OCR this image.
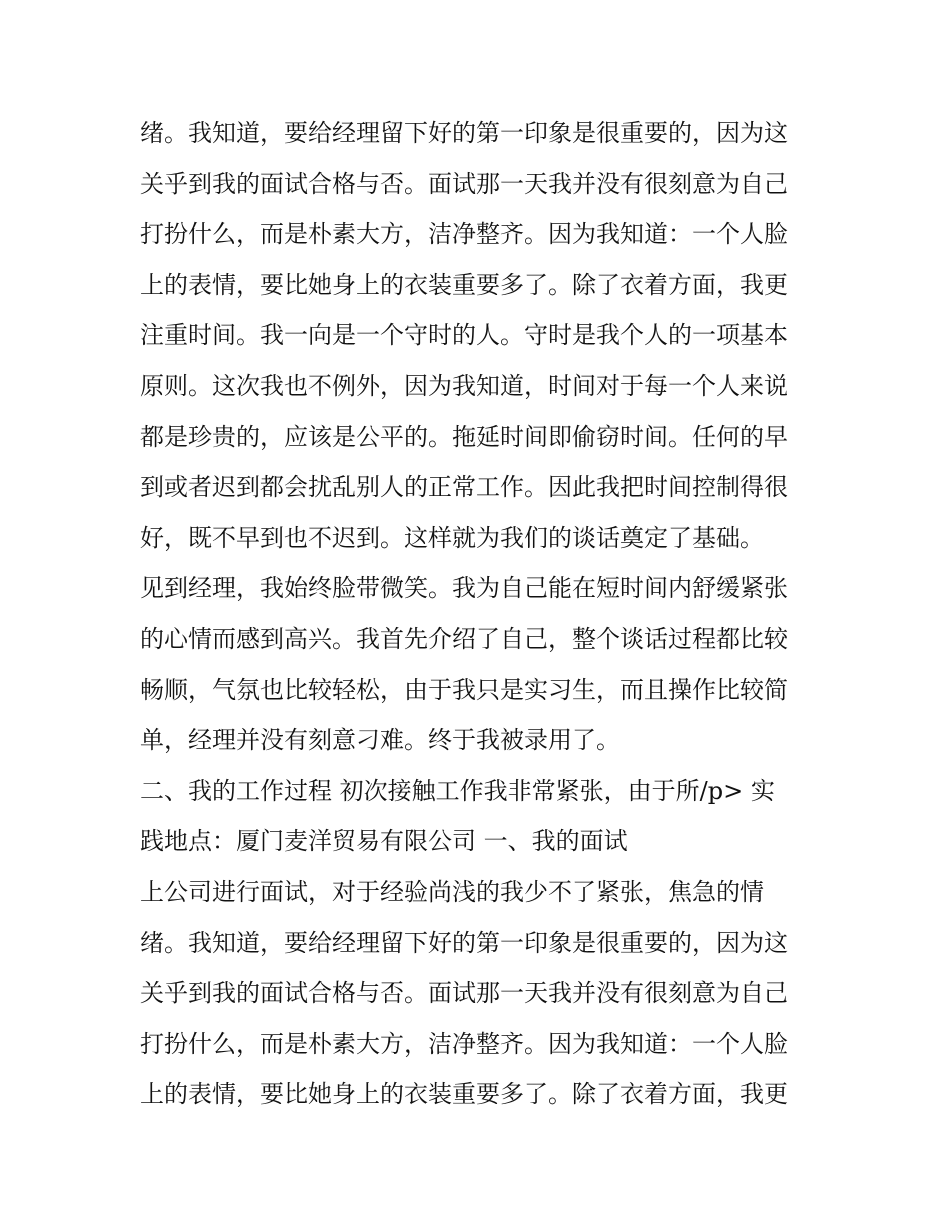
绪。我知道，要给经理留下好的第一印象是很重要的，因为这
关乎到我的面试合格与否。面试那一天我并没有很刻意为自己
打扮什么，而是朴素大方，洁净整齐。因为我知道：一个人脸
上的表情，要比她身上的衣装重要多了。除了衣着方面，我更
注重时间。我一向是一个守时的人。守时是我个人的一项基本
原则。这次我也不例外，因为我知道，时间对于每一个人来说
都是珍贵的，应该是公平的。拖延时间即偷窃时间。任何的早
到或者迟到都会扰乱别人的正常工作。因此我把时间控制得很
好，既不早到也不迟到。这样就为我们的谈话奠定了基础。
见到经理，我始终脸带微笑。我为自己能在短时间内舒缓紧张
的心情而感到高兴。我首先介绍了自己，整个谈话过程都比较
畅顺，气氛也比较轻松，由于我只是实习生，而且操作比较简
单，经理并没有刻意刁难。终于我被录用了。
二、我的工作过程 初次接触工作我非常紧张，由于所/p> 实
践地点：厦门麦洋贸易有限公司 一、我的面试
上公司进行面试，对于经验尚浅的我少不了紧张，焦急的情
绪。我知道，要给经理留下好的第一印象是很重要的，因为这
关乎到我的面试合格与否。面试那一天我并没有很刻意为自己
打扮什么，而是朴素大方，洁净整齐。因为我知道：一个人脸
上的表情，要比她身上的衣装重要多了。除了衣着方面，我更
